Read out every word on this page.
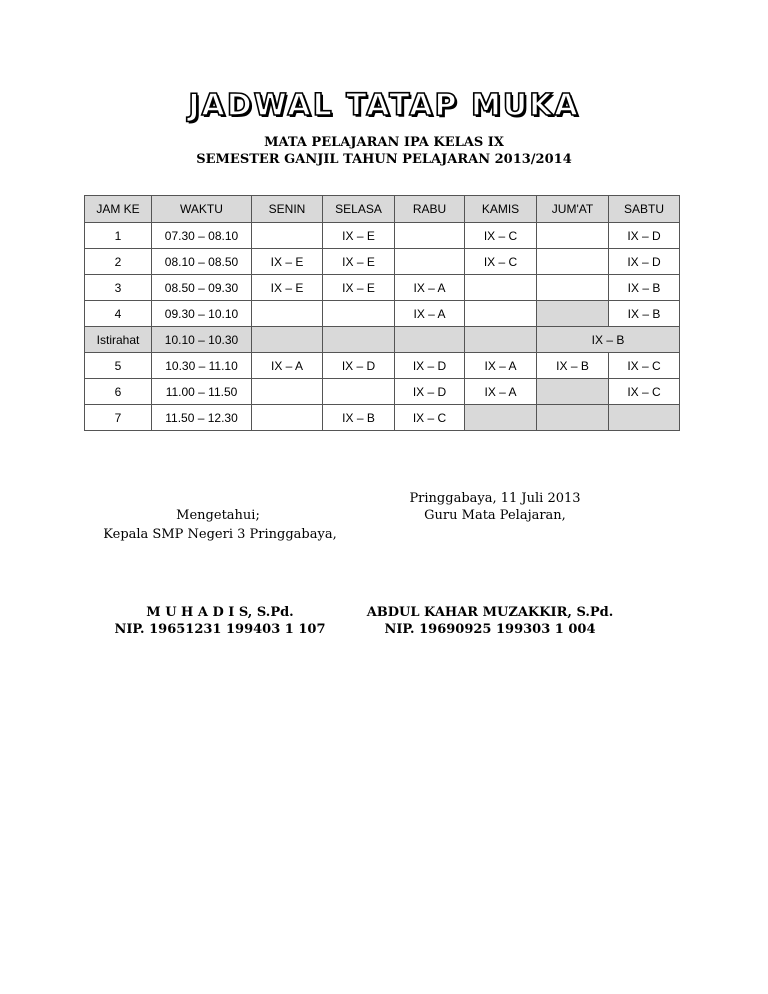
JADWAL TATAP MUKA
MATA PELAJARAN IPA KELAS IX
SEMESTER GANJIL TAHUN PELAJARAN 2013/2014
JAM KE	WAKTU	SENIN	SELASA	RABU	KAMIS	JUM'AT	SABTU
1	07.30 – 08.10		IX – E		IX – C		IX – D
2	08.10 – 08.50	IX – E	IX – E		IX – C		IX – D
3	08.50 – 09.30	IX – E	IX – E	IX – A			IX – B
4	09.30 – 10.10			IX – A			IX – B
Istirahat	10.10 – 10.30					IX – B	
5	10.30 – 11.10	IX – A	IX – D	IX – D	IX – A	IX – B	IX – C
6	11.00 – 11.50			IX – D	IX – A		IX – C
7	11.50 – 12.30		IX – B	IX – C			
Pringgabaya, 11 Juli 2013
Mengetahui;	Guru Mata Pelajaran,
Kepala SMP Negeri 3 Pringgabaya,
M U H A D I S, S.Pd.
NIP. 19651231 199403 1 107
ABDUL KAHAR MUZAKKIR, S.Pd.
NIP. 19690925 199303 1 004
